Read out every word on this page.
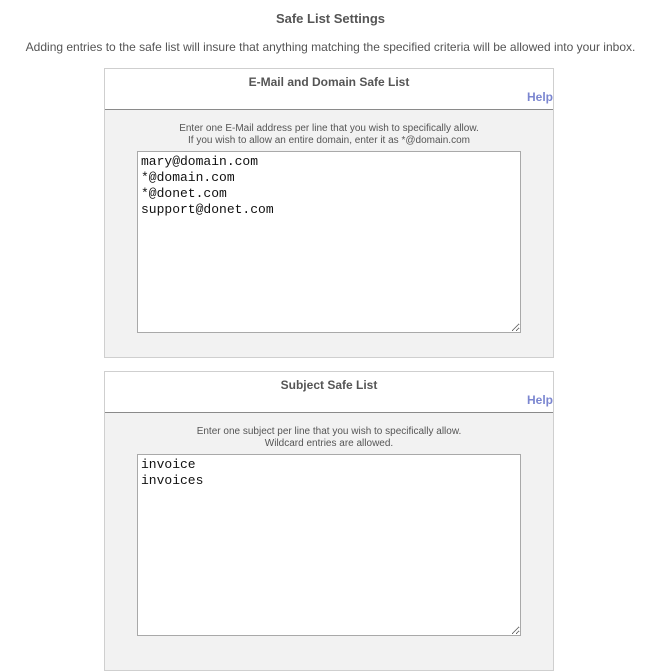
Safe List Settings
Adding entries to the safe list will insure that anything matching the specified criteria will be allowed into your inbox.
E-Mail and Domain Safe List
Help
Enter one E-Mail address per line that you wish to specifically allow.
If you wish to allow an entire domain, enter it as *@domain.com
mary@domain.com *@domain.com *@donet.com support@donet.com
Subject Safe List
Help
Enter one subject per line that you wish to specifically allow.
Wildcard entries are allowed.
invoice invoices
